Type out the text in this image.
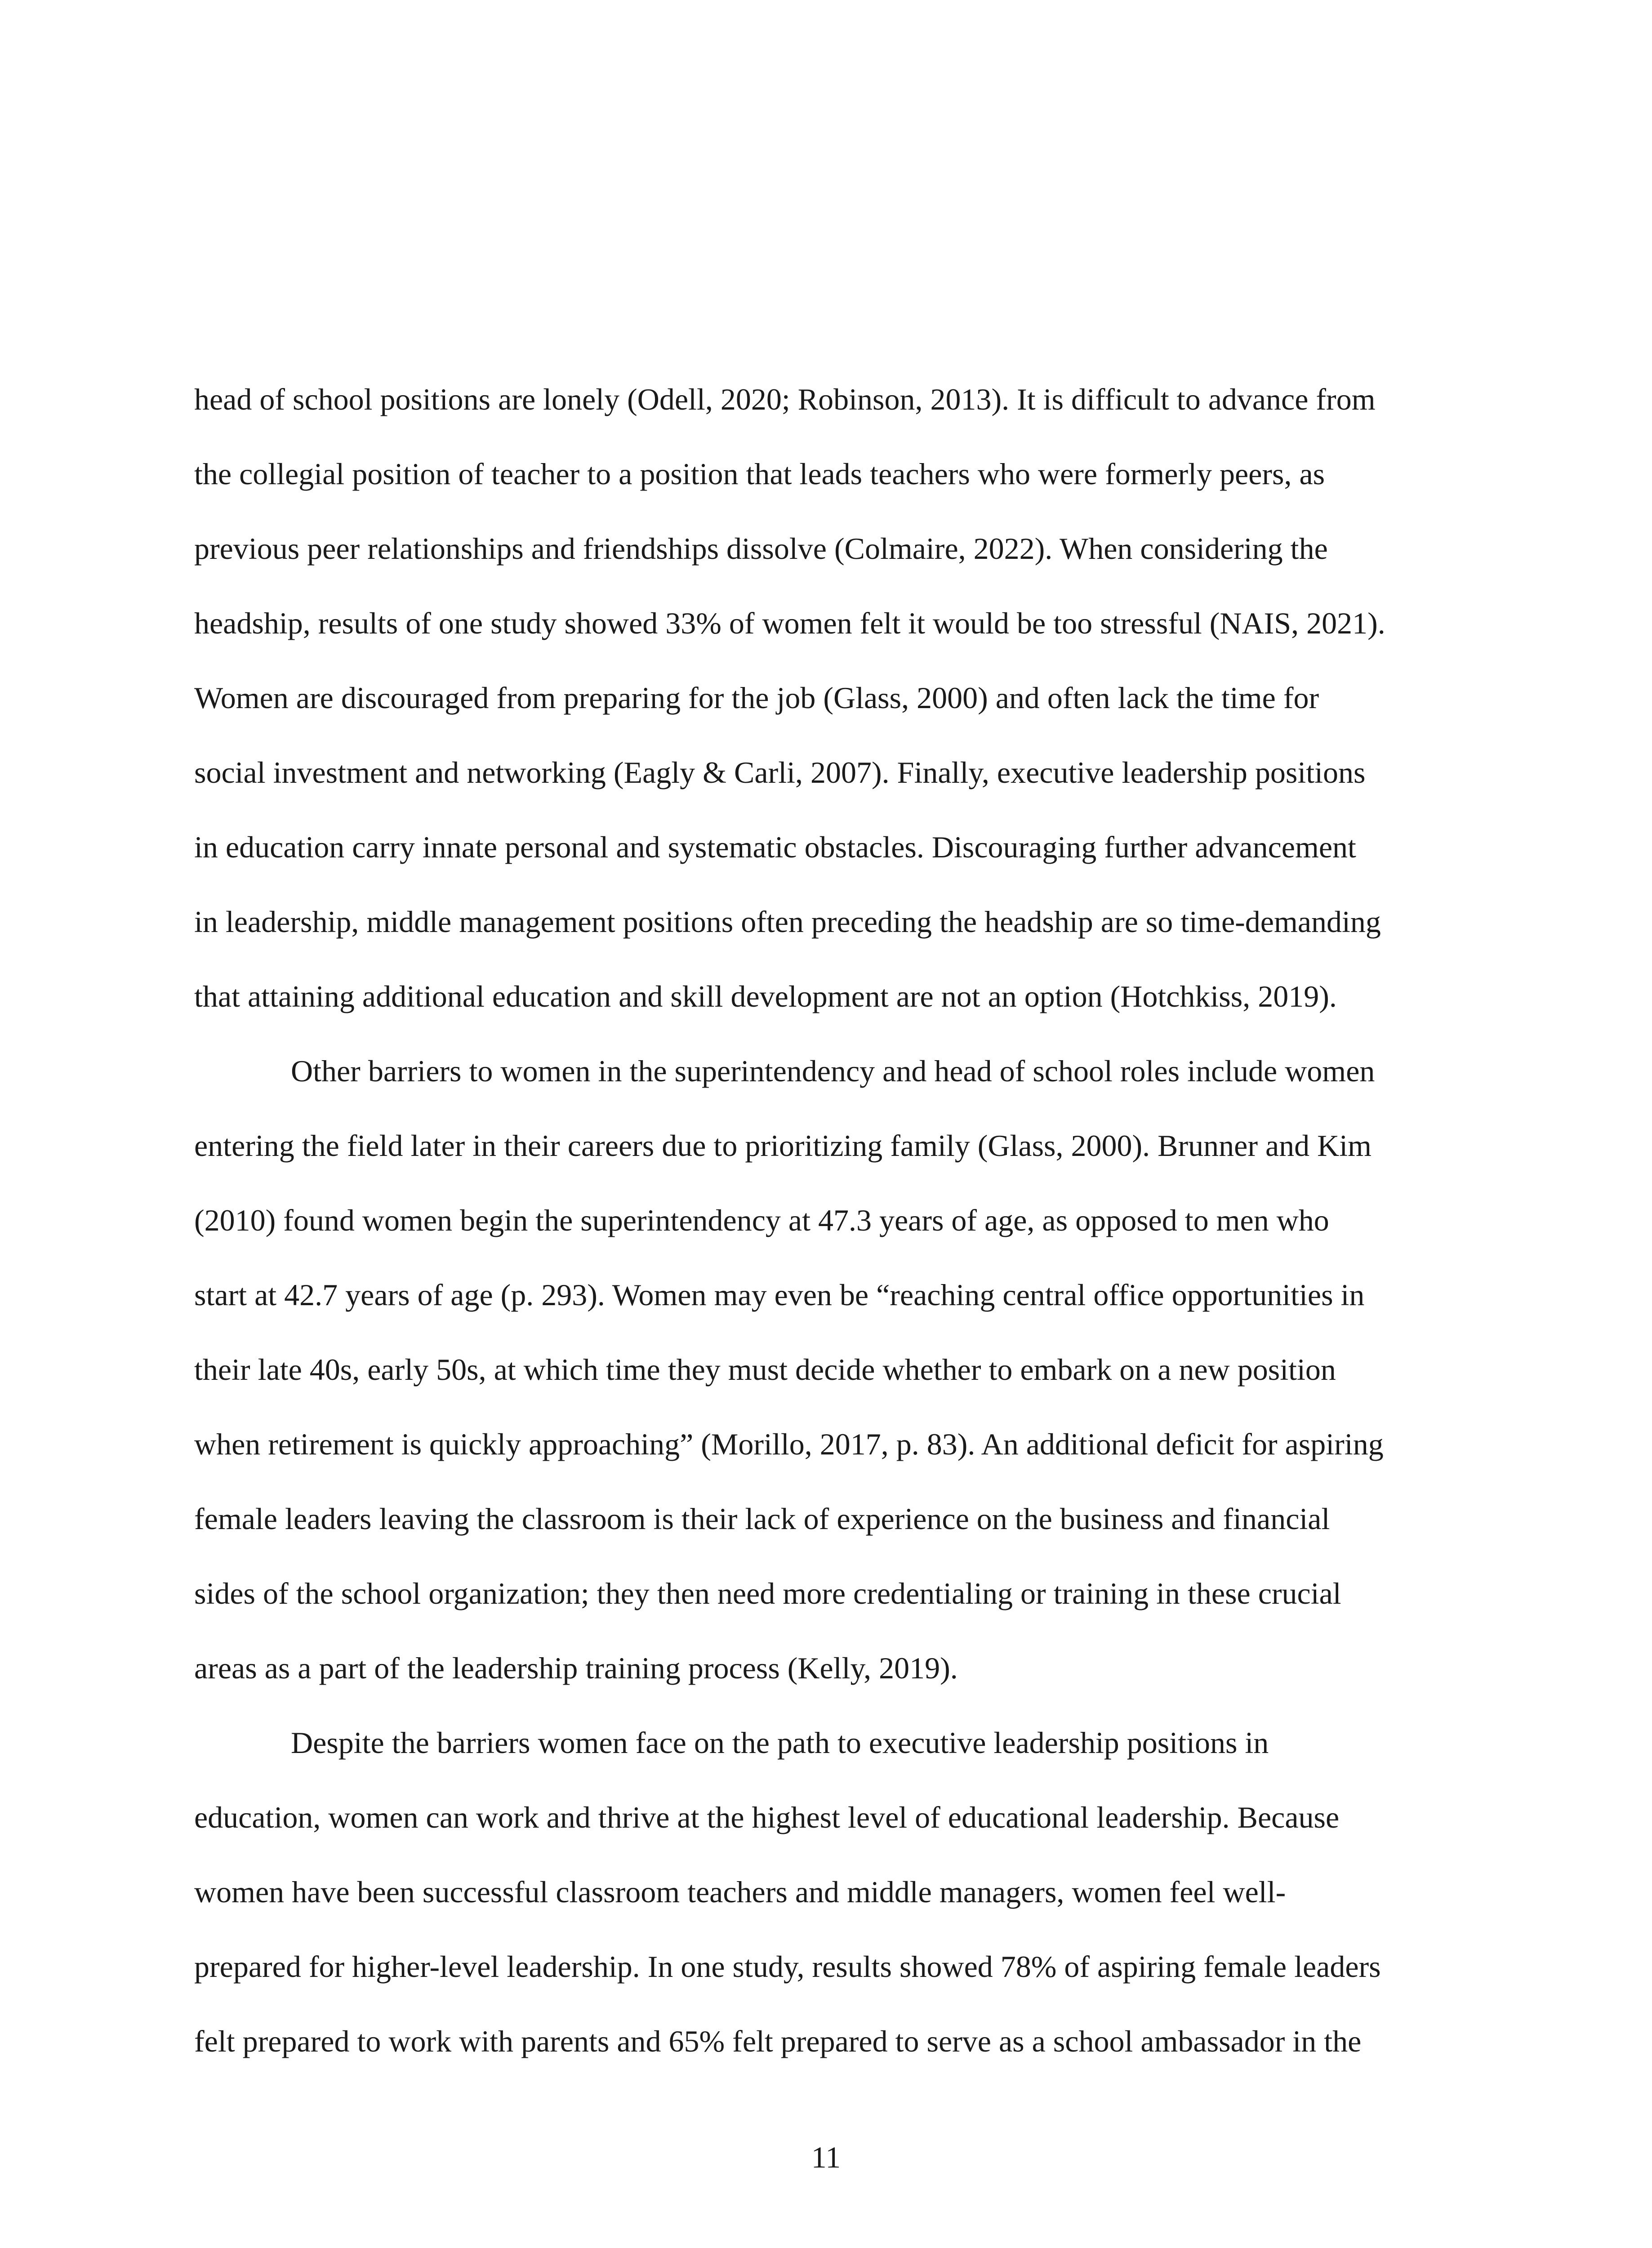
head of school positions are lonely (Odell, 2020; Robinson, 2013). It is difficult to advance from
the collegial position of teacher to a position that leads teachers who were formerly peers, as
previous peer relationships and friendships dissolve (Colmaire, 2022). When considering the
headship, results of one study showed 33% of women felt it would be too stressful (NAIS, 2021).
Women are discouraged from preparing for the job (Glass, 2000) and often lack the time for
social investment and networking (Eagly & Carli, 2007). Finally, executive leadership positions
in education carry innate personal and systematic obstacles. Discouraging further advancement
in leadership, middle management positions often preceding the headship are so time-demanding
that attaining additional education and skill development are not an option (Hotchkiss, 2019).
Other barriers to women in the superintendency and head of school roles include women
entering the field later in their careers due to prioritizing family (Glass, 2000). Brunner and Kim
(2010) found women begin the superintendency at 47.3 years of age, as opposed to men who
start at 42.7 years of age (p. 293). Women may even be “reaching central office opportunities in
their late 40s, early 50s, at which time they must decide whether to embark on a new position
when retirement is quickly approaching” (Morillo, 2017, p. 83). An additional deficit for aspiring
female leaders leaving the classroom is their lack of experience on the business and financial
sides of the school organization; they then need more credentialing or training in these crucial
areas as a part of the leadership training process (Kelly, 2019).
Despite the barriers women face on the path to executive leadership positions in
education, women can work and thrive at the highest level of educational leadership. Because
women have been successful classroom teachers and middle managers, women feel well-
prepared for higher-level leadership. In one study, results showed 78% of aspiring female leaders
felt prepared to work with parents and 65% felt prepared to serve as a school ambassador in the
11
